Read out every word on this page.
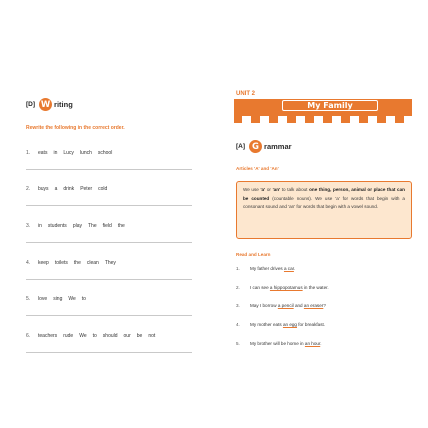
[D] W riting
Rewrite the following in the correct order.
1.	eats in Lucy lunch school
2.	buys a drink Peter cold
3.	in students play The field the
4.	keep toilets the clean They
5.	love sing We to
6.	teachers rude We to should our be not
UNIT 2
My Family
[A] G rammar
Articles 'A' and 'An'

We use 'a' or 'an' to talk about one thing, person, animal or place that can be counted (countable nouns). We use 'a' for words that begin with a consonant sound and 'an' for words that begin with a vowel sound.

Read and Learn
1.	My father drives a car.
2.	I can see a hippopotamus in the water.
3.	May I borrow a pencil and an eraser?
4.	My mother eats an egg for breakfast.
5.	My brother will be home in an hour.
